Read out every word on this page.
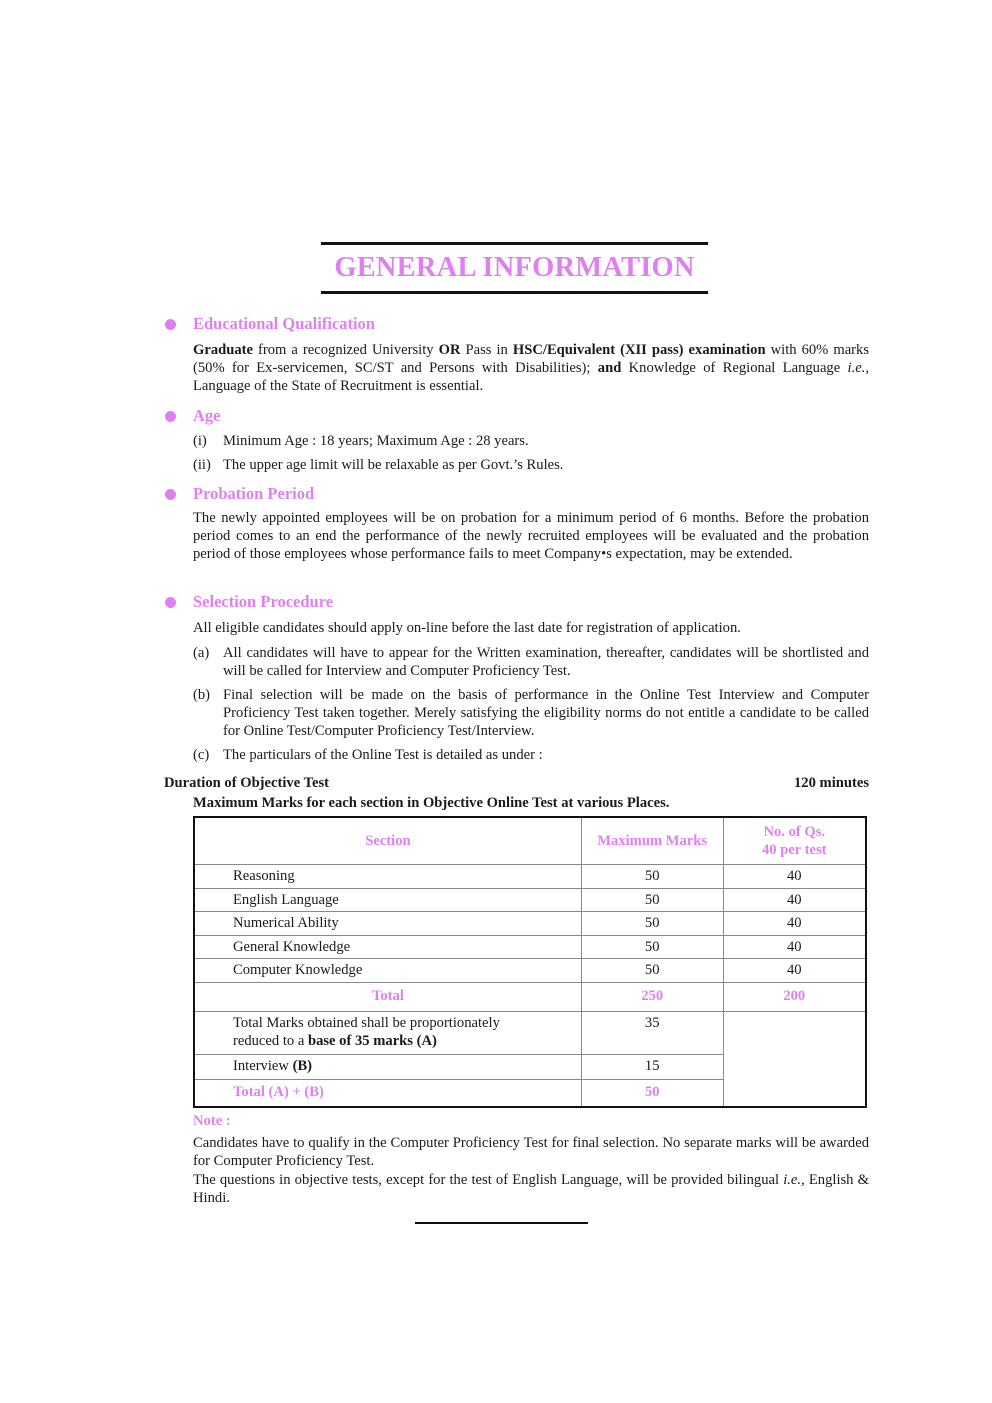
GENERAL INFORMATION
Educational Qualification
Graduate from a recognized University OR Pass in HSC/Equivalent (XII pass) examination with 60% marks (50% for Ex-servicemen, SC/ST and Persons with Disabilities); and Knowledge of Regional Language i.e., Language of the State of Recruitment is essential.
Age
(i)	Minimum Age : 18 years; Maximum Age : 28 years.
(ii) The upper age limit will be relaxable as per Govt.’s Rules.
Probation Period
The newly appointed employees will be on probation for a minimum period of 6 months. Before the probation period comes to an end the performance of the newly recruited employees will be evaluated and the probation period of those employees whose performance fails to meet Company•s expectation, may be extended.
Selection Procedure
All eligible candidates should apply on-line before the last date for registration of application.
(a) All candidates will have to appear for the Written examination, thereafter, candidates will be shortlisted and will be called for Interview and Computer Proficiency Test.
(b) Final selection will be made on the basis of performance in the Online Test Interview and Computer Proficiency Test taken together. Merely satisfying the eligibility norms do not entitle a candidate to be called for Online Test/Computer Proficiency Test/Interview.
(c) The particulars of the Online Test is detailed as under :
Duration of Objective Test	120 minutes
Maximum Marks for each section in Objective Online Test at various Places.
Section	Maximum Marks	No. of Qs.
40 per test
Reasoning	50	40
English Language	50	40
Numerical Ability	50	40
General Knowledge	50	40
Computer Knowledge	50	40
Total	250	200
Total Marks obtained shall be proportionately
reduced to a base of 35 marks (A)	35	
Interview (B)	15	
Total (A) + (B)	50	
Note :
Candidates have to qualify in the Computer Proficiency Test for final selection. No separate marks will be awarded for Computer Proficiency Test.
The questions in objective tests, except for the test of English Language, will be provided bilingual i.e., English & Hindi.
